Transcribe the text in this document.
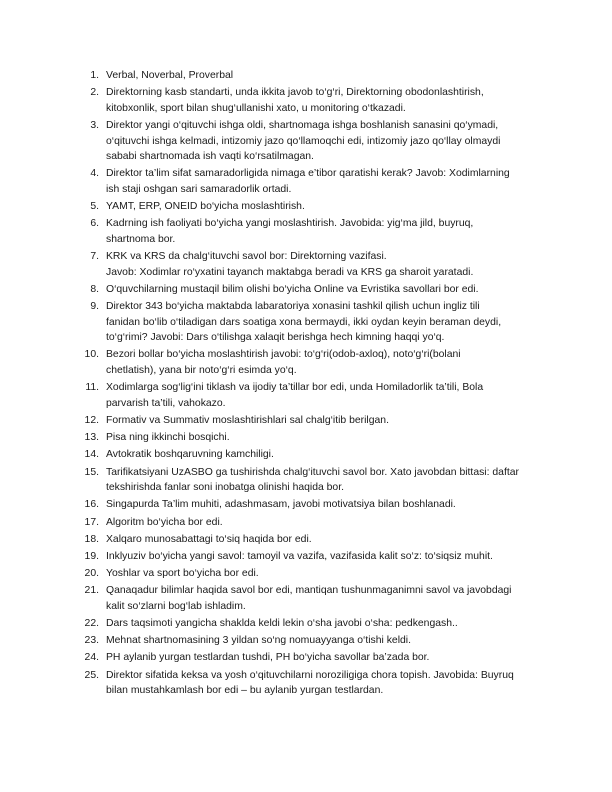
1. Verbal, Noverbal, Proverbal
2. Direktorning kasb standarti, unda ikkita javob to‘g‘ri, Direktorning obodonlashtirish,
kitobxonlik, sport bilan shug‘ullanishi xato, u monitoring o‘tkazadi.
3. Direktor yangi o‘qituvchi ishga oldi, shartnomaga ishga boshlanish sanasini qo‘ymadi,
o‘qituvchi ishga kelmadi, intizomiy jazo qo‘llamoqchi edi, intizomiy jazo qo‘llay olmaydi
sababi shartnomada ish vaqti ko‘rsatilmagan.
4. Direktor ta’lim sifat samaradorligida nimaga e’tibor qaratishi kerak? Javob: Xodimlarning
ish staji oshgan sari samaradorlik ortadi.
5. YAMT, ERP, ONEID bo‘yicha moslashtirish.
6. Kadrning ish faoliyati bo‘yicha yangi moslashtirish. Javobida: yig‘ma jild, buyruq,
shartnoma bor.
7. KRK va KRS da chalg‘ituvchi savol bor: Direktorning vazifasi.
Javob: Xodimlar ro‘yxatini tayanch maktabga beradi va KRS ga sharoit yaratadi.
8. O‘quvchilarning mustaqil bilim olishi bo‘yicha Online va Evristika savollari bor edi.
9. Direktor 343 bo‘yicha maktabda labaratoriya xonasini tashkil qilish uchun ingliz tili
fanidan bo‘lib o‘tiladigan dars soatiga xona bermaydi, ikki oydan keyin beraman deydi,
to‘g‘rimi? Javobi: Dars o‘tilishga xalaqit berishga hech kimning haqqi yo‘q.
10. Bezori bollar bo‘yicha moslashtirish javobi: to‘g‘ri(odob-axloq), noto‘g‘ri(bolani
chetlatish), yana bir noto‘g‘ri esimda yo‘q.
11. Xodimlarga sog‘lig‘ini tiklash va ijodiy ta’tillar bor edi, unda Homiladorlik ta’tili, Bola
parvarish ta’tili, vahokazo.
12. Formativ va Summativ moslashtirishlari sal chalg‘itib berilgan.
13. Pisa ning ikkinchi bosqichi.
14. Avtokratik boshqaruvning kamchiligi.
15. Tarifikatsiyani UzASBO ga tushirishda chalg‘ituvchi savol bor. Xato javobdan bittasi: daftar
tekshirishda fanlar soni inobatga olinishi haqida bor.
16. Singapurda Ta’lim muhiti, adashmasam, javobi motivatsiya bilan boshlanadi.
17. Algoritm bo‘yicha bor edi.
18. Xalqaro munosabattagi to‘siq haqida bor edi.
19. Inklyuziv bo‘yicha yangi savol: tamoyil va vazifa, vazifasida kalit so‘z: to‘siqsiz muhit.
20. Yoshlar va sport bo‘yicha bor edi.
21. Qanaqadur bilimlar haqida savol bor edi, mantiqan tushunmaganimni savol va javobdagi
kalit so‘zlarni bog‘lab ishladim.
22. Dars taqsimoti yangicha shaklda keldi lekin o‘sha javobi o‘sha: pedkengash..
23. Mehnat shartnomasining 3 yildan so‘ng nomuayyanga o‘tishi keldi.
24. PH aylanib yurgan testlardan tushdi, PH bo‘yicha savollar ba’zada bor.
25. Direktor sifatida keksa va yosh o‘qituvchilarni noroziligiga chora topish. Javobida: Buyruq
bilan mustahkamlash bor edi – bu aylanib yurgan testlardan.
